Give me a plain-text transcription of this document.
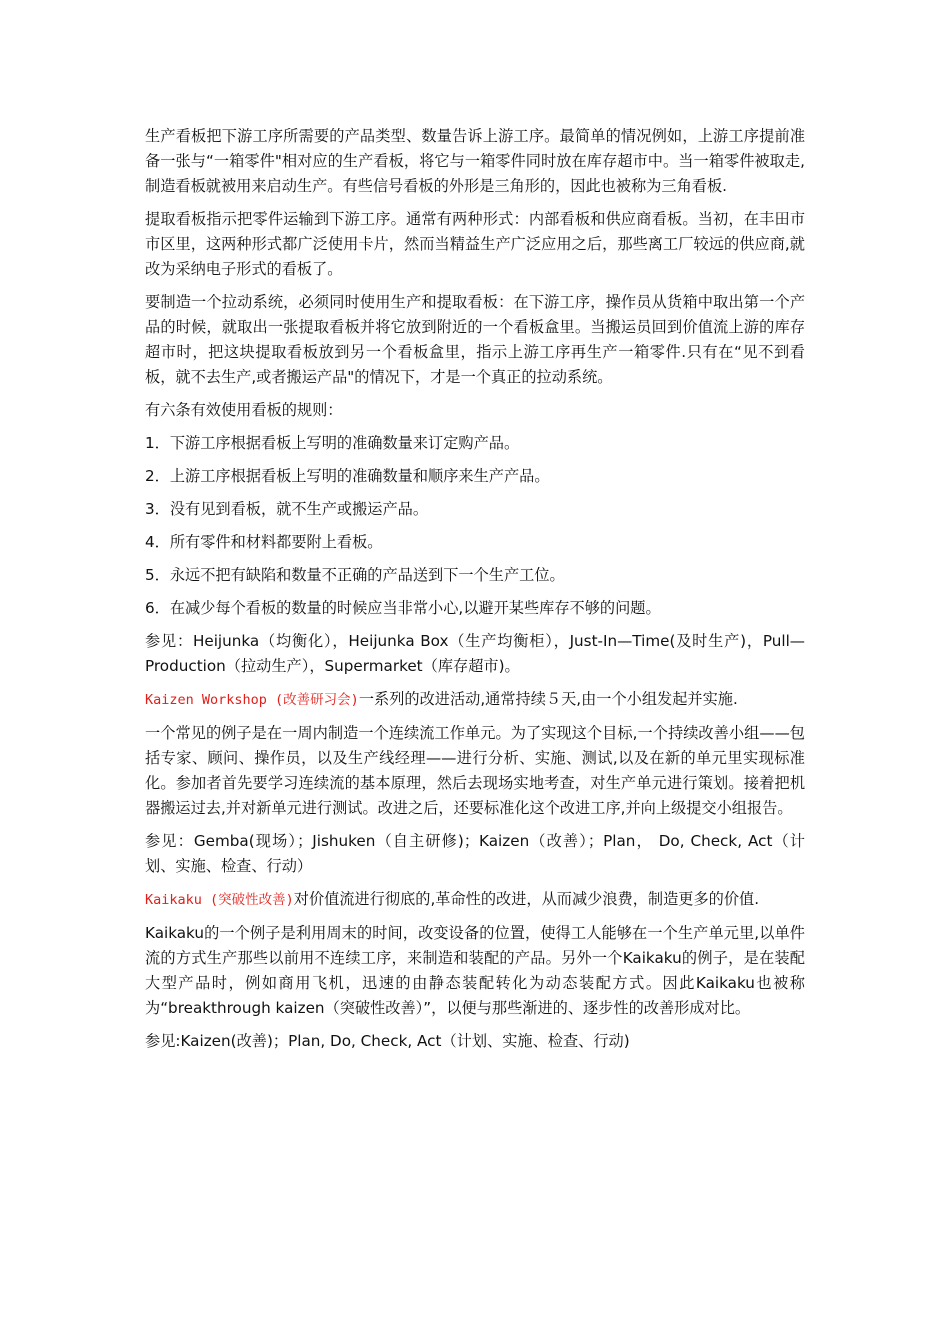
生产看板把下游工序所需要的产品类型、数量告诉上游工序。最简单的情况例如，上游工序提前准备一张与“一箱零件"相对应的生产看板，将它与一箱零件同时放在库存超市中。当一箱零件被取走,制造看板就被用来启动生产。有些信号看板的外形是三角形的，因此也被称为三角看板.
提取看板指示把零件运输到下游工序。通常有两种形式：内部看板和供应商看板。当初，在丰田市市区里，这两种形式都广泛使用卡片，然而当精益生产广泛应用之后，那些离工厂较远的供应商,就改为采纳电子形式的看板了。
要制造一个拉动系统，必须同时使用生产和提取看板：在下游工序，操作员从货箱中取出第一个产品的时候，就取出一张提取看板并将它放到附近的一个看板盒里。当搬运员回到价值流上游的库存超市时，把这块提取看板放到另一个看板盒里，指示上游工序再生产一箱零件.只有在“见不到看板，就不去生产,或者搬运产品"的情况下，才是一个真正的拉动系统。
有六条有效使用看板的规则：
1．下游工序根据看板上写明的准确数量来订定购产品。
2．上游工序根据看板上写明的准确数量和顺序来生产产品。
3．没有见到看板，就不生产或搬运产品。
4．所有零件和材料都要附上看板。
5．永远不把有缺陷和数量不正确的产品送到下一个生产工位。
6．在减少每个看板的数量的时候应当非常小心,以避开某些库存不够的问题。
参见：Heijunka（均衡化），Heijunka Box（生产均衡柜），Just-In—Time(及时生产)，Pull—Production（拉动生产），Supermarket（库存超市)。
Kaizen Workshop (改善研习会)一系列的改进活动,通常持续５天,由一个小组发起并实施.
一个常见的例子是在一周内制造一个连续流工作单元。为了实现这个目标,一个持续改善小组——包括专家、顾问、操作员，以及生产线经理——进行分析、实施、测试,以及在新的单元里实现标准化。参加者首先要学习连续流的基本原理，然后去现场实地考查，对生产单元进行策划。接着把机器搬运过去,并对新单元进行测试。改进之后，还要标准化这个改进工序,并向上级提交小组报告。
参见：Gemba(现场）；Jishuken（自主研修)；Kaizen（改善）；Plan， Do, Check, Act（计划、实施、检查、行动）
Kaikaku (突破性改善)对价值流进行彻底的,革命性的改进，从而减少浪费，制造更多的价值.
Kaikaku的一个例子是利用周末的时间，改变设备的位置，使得工人能够在一个生产单元里,以单件流的方式生产那些以前用不连续工序，来制造和装配的产品。另外一个Kaikaku的例子，是在装配大型产品时，例如商用飞机，迅速的由静态装配转化为动态装配方式。因此Kaikaku也被称为“breakthrough kaizen（突破性改善）”，以便与那些渐进的、逐步性的改善形成对比。
参见:Kaizen(改善)；Plan, Do, Check, Act（计划、实施、检查、行动)
